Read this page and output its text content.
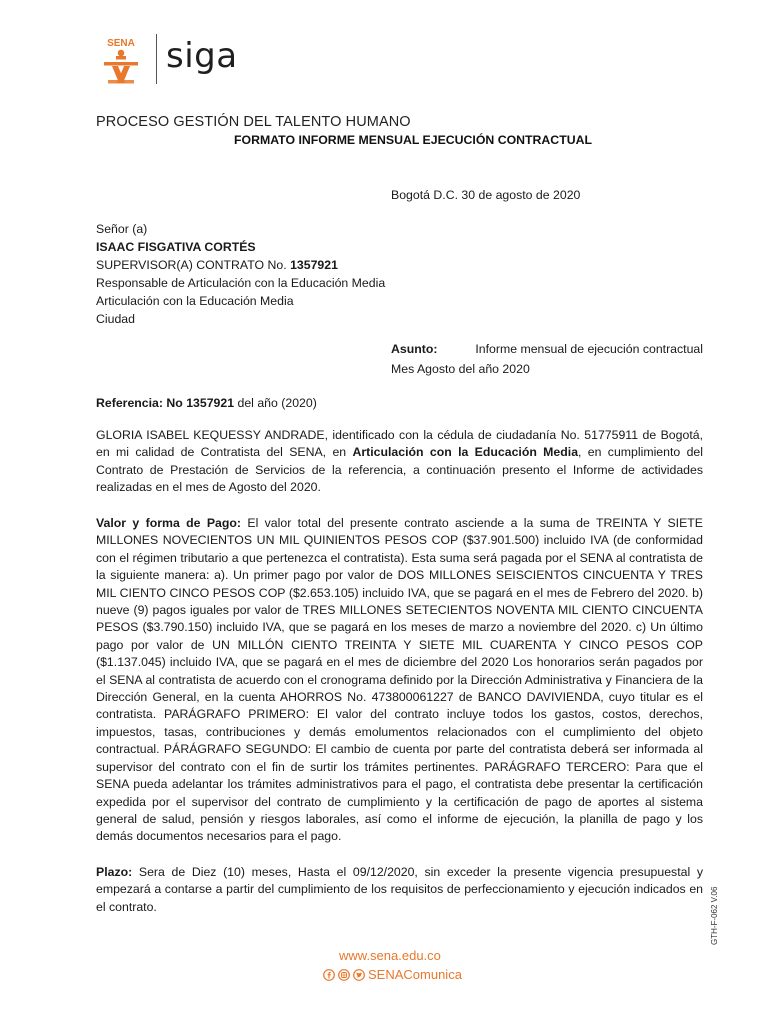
SENA siga
PROCESO GESTIÓN DEL TALENTO HUMANO
FORMATO INFORME MENSUAL EJECUCIÓN CONTRACTUAL
Bogotá D.C. 30 de agosto de 2020
Señor (a)
ISAAC FISGATIVA CORTÉS
SUPERVISOR(A) CONTRATO No. 1357921
Responsable de Articulación con la Educación Media
Articulación con la Educación Media
Ciudad
Asunto:	Informe mensual de ejecución contractual
Mes Agosto del año 2020
Referencia: No 1357921 del año (2020)
GLORIA ISABEL KEQUESSY ANDRADE, identificado con la cédula de ciudadanía No. 51775911 de Bogotá, en mi calidad de Contratista del SENA, en Articulación con la Educación Media, en cumplimiento del Contrato de Prestación de Servicios de la referencia, a continuación presento el Informe de actividades realizadas en el mes de Agosto del 2020.
Valor y forma de Pago: El valor total del presente contrato asciende a la suma de TREINTA Y SIETE MILLONES NOVECIENTOS UN MIL QUINIENTOS PESOS COP ($37.901.500) incluido IVA (de conformidad con el régimen tributario a que pertenezca el contratista). Esta suma será pagada por el SENA al contratista de la siguiente manera: a). Un primer pago por valor de DOS MILLONES SEISCIENTOS CINCUENTA Y TRES MIL CIENTO CINCO PESOS COP ($2.653.105) incluido IVA, que se pagará en el mes de Febrero del 2020. b) nueve (9) pagos iguales por valor de TRES MILLONES SETECIENTOS NOVENTA MIL CIENTO CINCUENTA PESOS ($3.790.150) incluido IVA, que se pagará en los meses de marzo a noviembre del 2020. c) Un último pago por valor de UN MILLÓN CIENTO TREINTA Y SIETE MIL CUARENTA Y CINCO PESOS COP ($1.137.045) incluido IVA, que se pagará en el mes de diciembre del 2020 Los honorarios serán pagados por el SENA al contratista de acuerdo con el cronograma definido por la Dirección Administrativa y Financiera de la Dirección General, en la cuenta AHORROS No. 473800061227 de BANCO DAVIVIENDA, cuyo titular es el contratista. PARÁGRAFO PRIMERO: El valor del contrato incluye todos los gastos, costos, derechos, impuestos, tasas, contribuciones y demás emolumentos relacionados con el cumplimiento del objeto contractual. PÁRÁGRAFO SEGUNDO: El cambio de cuenta por parte del contratista deberá ser informada al supervisor del contrato con el fin de surtir los trámites pertinentes. PARÁGRAFO TERCERO: Para que el SENA pueda adelantar los trámites administrativos para el pago, el contratista debe presentar la certificación expedida por el supervisor del contrato de cumplimiento y la certificación de pago de aportes al sistema general de salud, pensión y riesgos laborales, así como el informe de ejecución, la planilla de pago y los demás documentos necesarios para el pago.
Plazo: Sera de Diez (10) meses, Hasta el 09/12/2020, sin exceder la presente vigencia presupuestal y empezará a contarse a partir del cumplimiento de los requisitos de perfeccionamiento y ejecución indicados en el contrato.
www.sena.edu.co
SENAComunica
GTH-F-062 V.06
